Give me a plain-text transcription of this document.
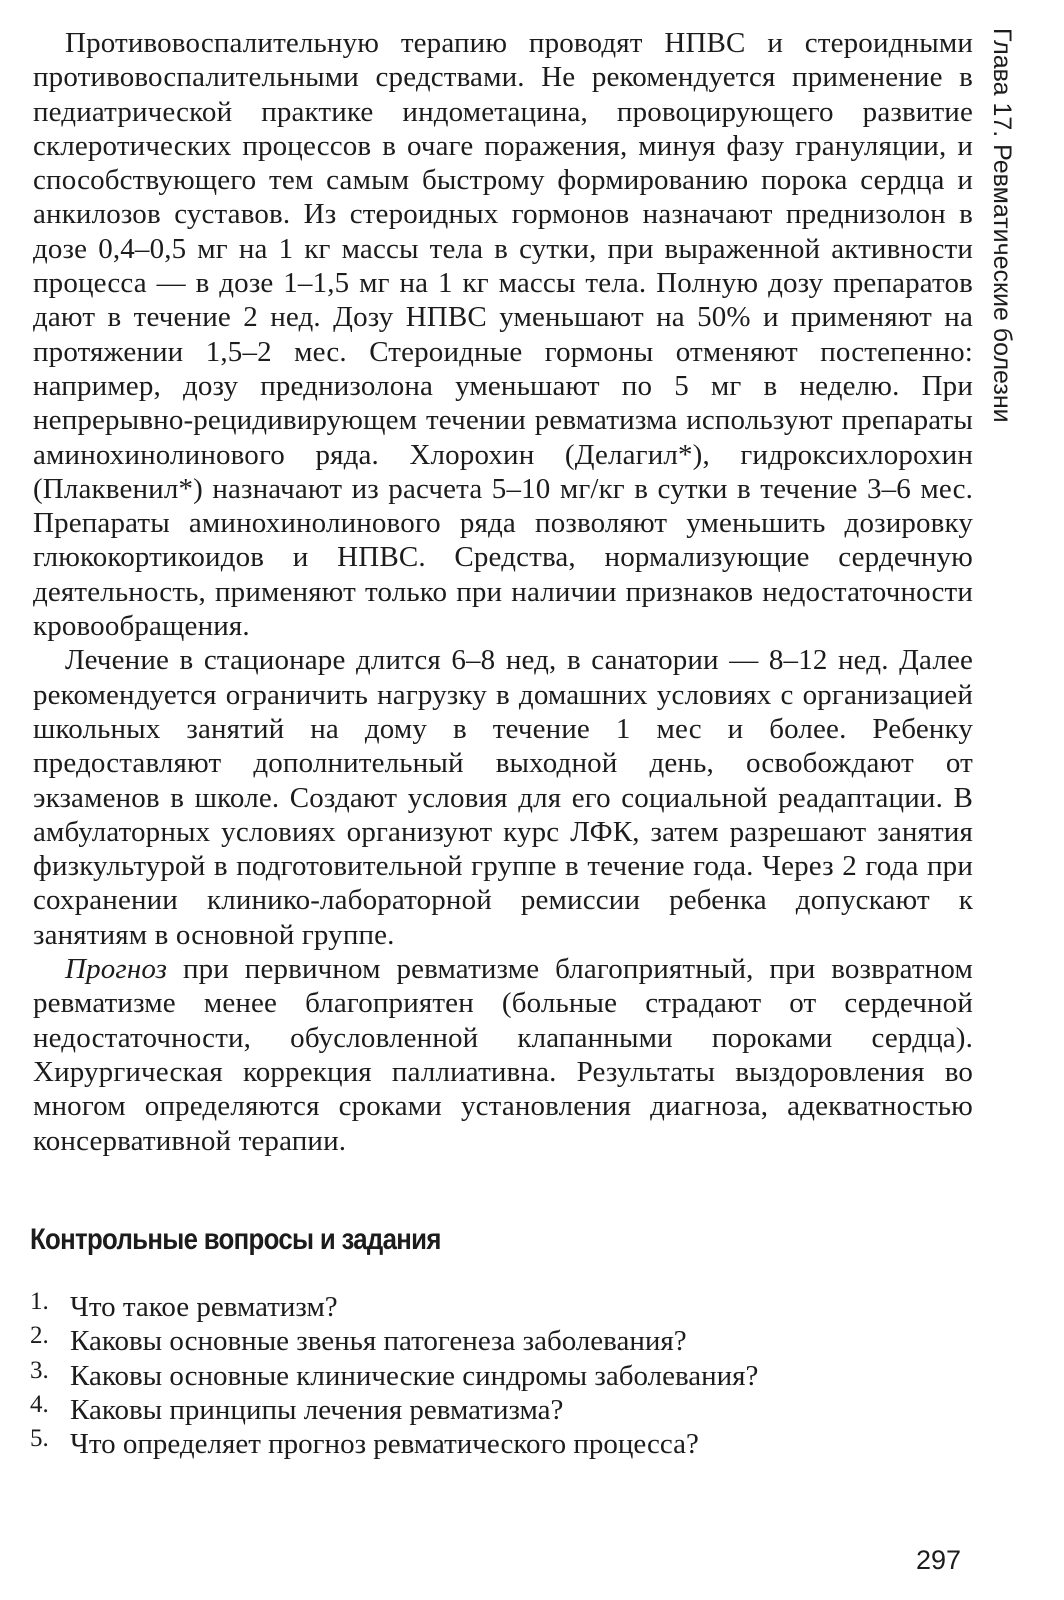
Глава 17. Ревматические болезни

Противовоспалительную терапию проводят НПВС и стероидными противовоспалительными средствами. Не рекомендуется применение в педиатрической практике индометацина, провоцирующего развитие склеротических процессов в очаге поражения, минуя фазу грануляции, и способствующего тем самым быстрому формированию порока сердца и анкилозов суставов. Из стероидных гормонов назначают преднизолон в дозе 0,4–0,5 мг на 1 кг массы тела в сутки, при выраженной активности процесса — в дозе 1–1,5 мг на 1 кг массы тела. Полную дозу препаратов дают в течение 2 нед. Дозу НПВС уменьшают на 50% и применяют на протяжении 1,5–2 мес. Стероидные гормоны отменяют постепенно: например, дозу преднизолона уменьшают по 5 мг в неделю. При непрерывно-рецидивирующем течении ревматизма используют препараты аминохинолинового ряда. Хлорохин (Делагил*), гидроксихлорохин (Плаквенил*) назначают из расчета 5–10 мг/кг в сутки в течение 3–6 мес. Препараты аминохинолинового ряда позволяют уменьшить дозировку глюкокортикоидов и НПВС. Средства, нормализующие сердечную деятельность, применяют только при наличии признаков недостаточности кровообращения.

Лечение в стационаре длится 6–8 нед, в санатории — 8–12 нед. Далее рекомендуется ограничить нагрузку в домашних условиях с организацией школьных занятий на дому в течение 1 мес и более. Ребенку предоставляют дополнительный выходной день, освобождают от экзаменов в школе. Создают условия для его социальной реадаптации. В амбулаторных условиях организуют курс ЛФК, затем разрешают занятия физкультурой в подготовительной группе в течение года. Через 2 года при сохранении клинико-лабораторной ремиссии ребенка допускают к занятиям в основной группе.

Прогноз при первичном ревматизме благоприятный, при возвратном ревматизме менее благоприятен (больные страдают от сердечной недостаточности, обусловленной клапанными пороками сердца). Хирургическая коррекция паллиативна. Результаты выздоровления во многом определяются сроками установления диагноза, адекватностью консервативной терапии.

Контрольные вопросы и задания
1. Что такое ревматизм?
2. Каковы основные звенья патогенеза заболевания?
3. Каковы основные клинические синдромы заболевания?
4. Каковы принципы лечения ревматизма?
5. Что определяет прогноз ревматического процесса?
297
